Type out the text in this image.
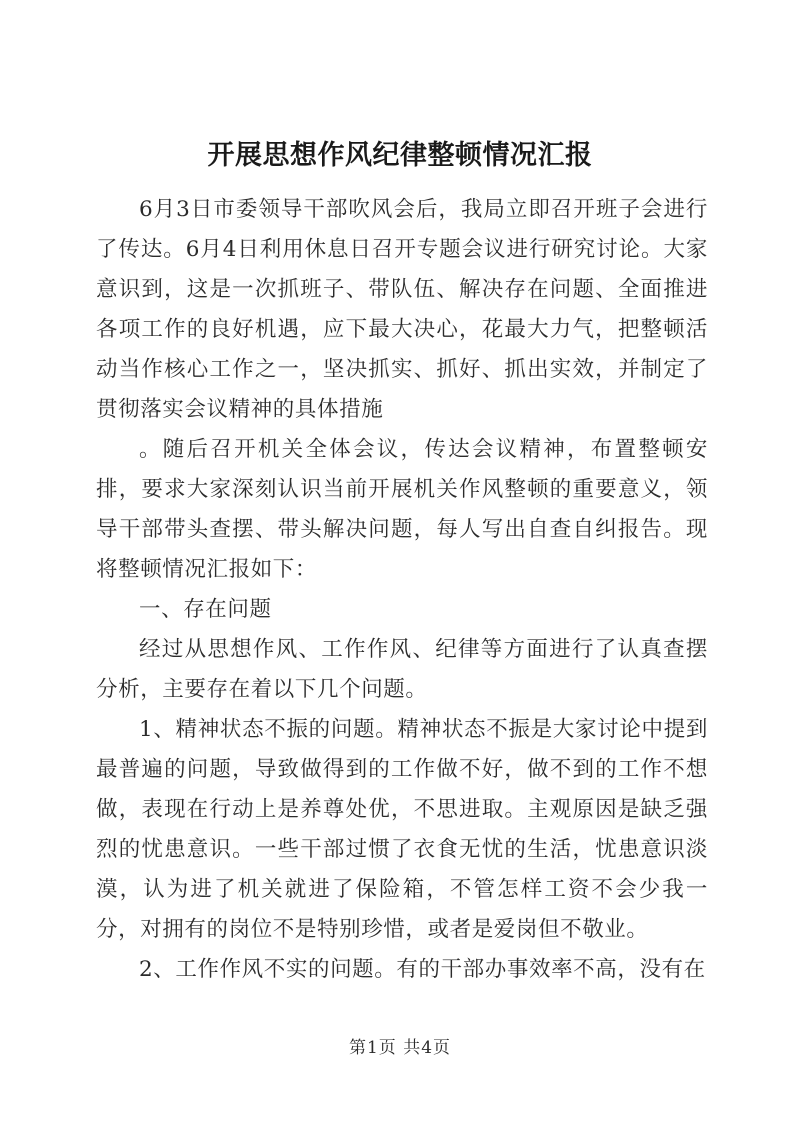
开展思想作风纪律整顿情况汇报

6月3日市委领导干部吹风会后，我局立即召开班子会进行了传达。6月4日利用休息日召开专题会议进行研究讨论。大家意识到，这是一次抓班子、带队伍、解决存在问题、全面推进各项工作的良好机遇，应下最大决心，花最大力气，把整顿活动当作核心工作之一，坚决抓实、抓好、抓出实效，并制定了贯彻落实会议精神的具体措施

。随后召开机关全体会议，传达会议精神，布置整顿安排，要求大家深刻认识当前开展机关作风整顿的重要意义，领导干部带头查摆、带头解决问题，每人写出自查自纠报告。现将整顿情况汇报如下：

一、存在问题

经过从思想作风、工作作风、纪律等方面进行了认真查摆分析，主要存在着以下几个问题。

1、精神状态不振的问题。精神状态不振是大家讨论中提到最普遍的问题，导致做得到的工作做不好，做不到的工作不想做，表现在行动上是养尊处优，不思进取。主观原因是缺乏强烈的忧患意识。一些干部过惯了衣食无忧的生活，忧患意识淡漠，认为进了机关就进了保险箱，不管怎样工资不会少我一分，对拥有的岗位不是特别珍惜，或者是爱岗但不敬业。

2、工作作风不实的问题。有的干部办事效率不高，没有在

第1页 共4页
